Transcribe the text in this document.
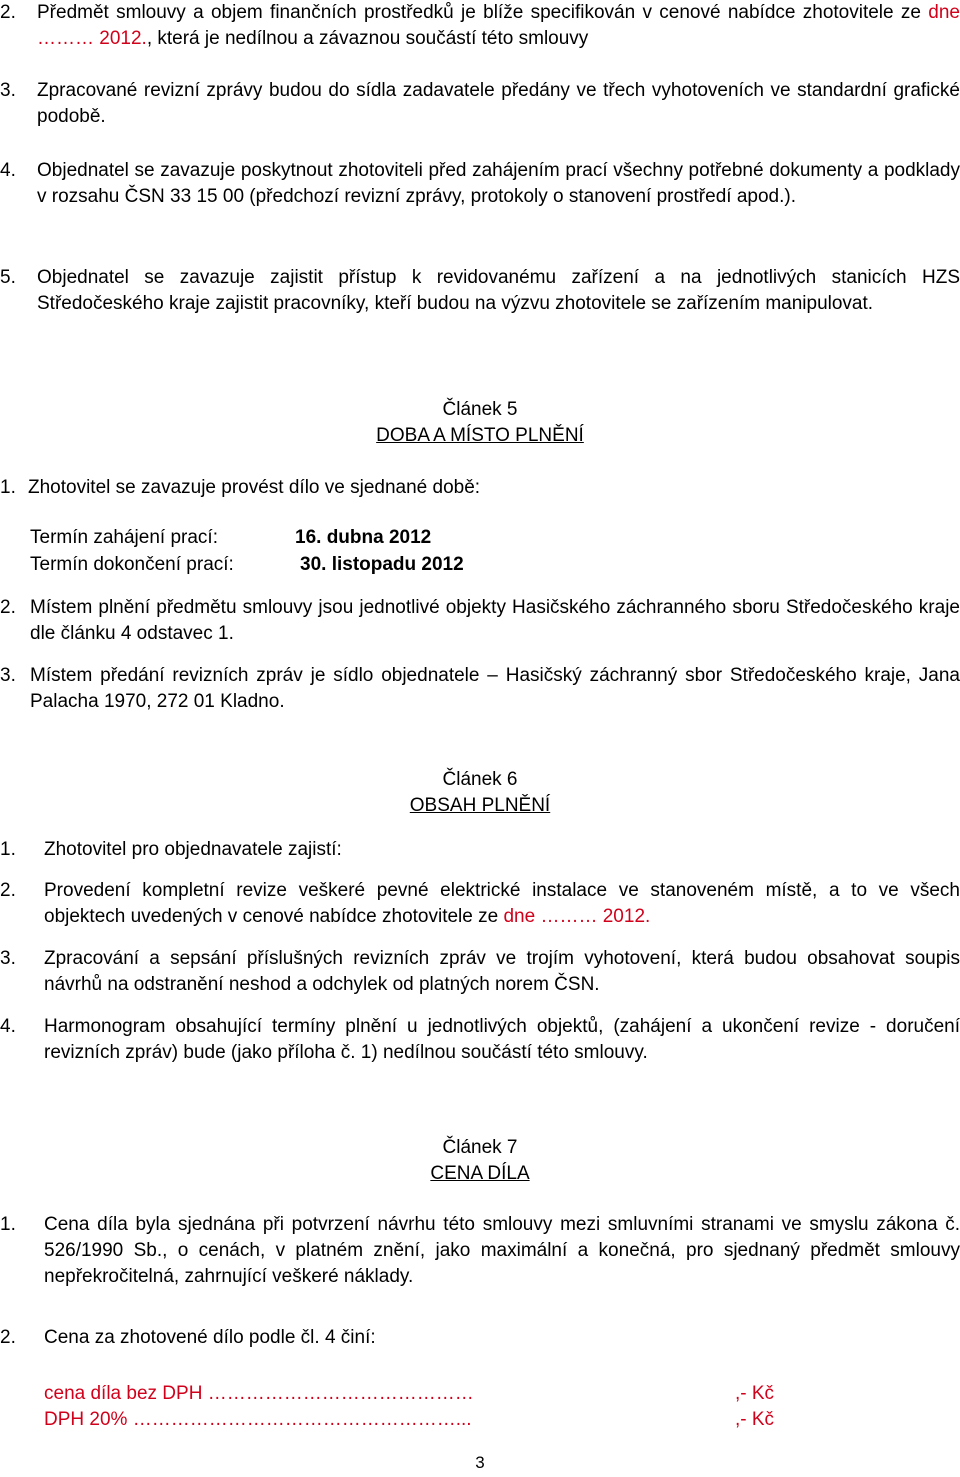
2.	Předmět smlouvy a objem finančních prostředků je blíže specifikován v cenové nabídce zhotovitele ze dne ……… 2012., která je nedílnou a závaznou součástí této smlouvy
3.	Zpracované revizní zprávy budou do sídla zadavatele předány ve třech vyhotoveních ve standardní grafické podobě.
4.	Objednatel se zavazuje poskytnout zhotoviteli před zahájením prací všechny potřebné dokumenty a podklady v rozsahu ČSN 33 15 00 (předchozí revizní zprávy, protokoly o stanovení prostředí apod.).
5.	Objednatel se zavazuje zajistit přístup k revidovanému zařízení a na jednotlivých stanicích HZS Středočeského kraje zajistit pracovníky, kteří budou na výzvu zhotovitele se zařízením manipulovat.
Článek 5
DOBA A MÍSTO PLNĚNÍ
1. Zhotovitel se zavazuje provést dílo ve sjednané době:
Termín zahájení prací:	16. dubna 2012
Termín dokončení prací:	30. listopadu 2012
2. Místem plnění předmětu smlouvy jsou jednotlivé objekty Hasičského záchranného sboru Středočeského kraje dle článku 4 odstavec 1.
3. Místem předání revizních zpráv je sídlo objednatele – Hasičský záchranný sbor Středočeského kraje, Jana Palacha 1970, 272 01 Kladno.
Článek 6
OBSAH PLNĚNÍ
1.	Zhotovitel pro objednavatele zajistí:
2.	Provedení kompletní revize veškeré pevné elektrické instalace ve stanoveném místě, a to ve všech objektech uvedených v cenové nabídce zhotovitele ze dne ……… 2012.
3.	Zpracování a sepsání příslušných revizních zpráv ve trojím vyhotovení, která budou obsahovat soupis návrhů na odstranění neshod a odchylek od platných norem ČSN.
4.	Harmonogram obsahující termíny plnění u jednotlivých objektů, (zahájení a ukončení revize - doručení revizních zpráv) bude (jako příloha č. 1) nedílnou součástí této smlouvy.
Článek 7
CENA DÍLA
1.	Cena díla byla sjednána při potvrzení návrhu této smlouvy mezi smluvními stranami ve smyslu zákona č. 526/1990 Sb., o cenách, v platném znění, jako maximální a konečná, pro sjednaný předmět smlouvy nepřekročitelná, zahrnující veškeré náklady.
2.	Cena za zhotovené dílo podle čl. 4 činí:
cena díla bez DPH ……………………………………	,- Kč
DPH 20% ……………………………………………...	,- Kč
3
